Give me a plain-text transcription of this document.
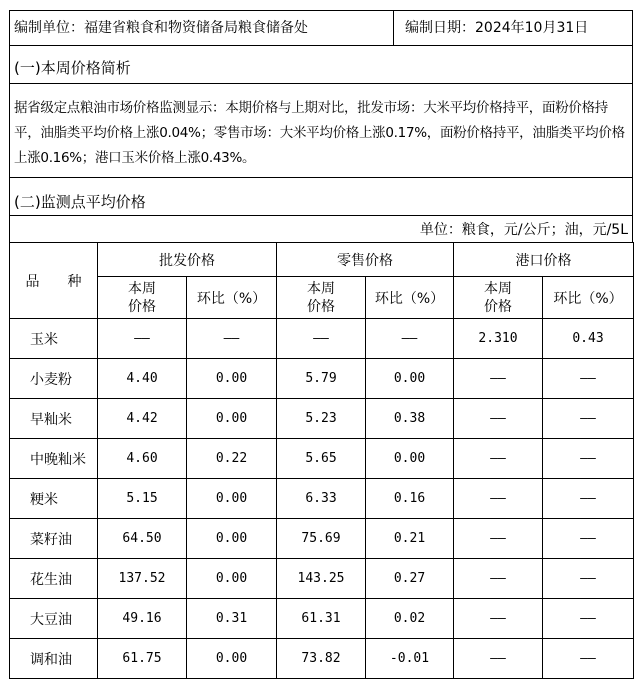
编制单位：福建省粮食和物资储备局粮食储备处	编制日期：2024年10月31日
(一)本周价格简析
据省级定点粮油市场价格监测显示：本期价格与上期对比，批发市场：大米平均价格持平，面粉价格持平，油脂类平均价格上涨0.04%；零售市场：大米平均价格上涨0.17%，面粉价格持平，油脂类平均价格上涨0.16%；港口玉米价格上涨0.43%。
(二)监测点平均价格
单位：粮食，元/公斤；油，元/5L
品　　种	批发价格		零售价格		港口价格	

	本周价格	环比（%）	本周价格	环比（%）	本周价格	环比（%）
玉米	——	——	——	——	2.310	0.43
小麦粉	4.40	0.00	5.79	0.00	——	——
早籼米	4.42	0.00	5.23	0.38	——	——
中晚籼米	4.60	0.22	5.65	0.00	——	——
粳米	5.15	0.00	6.33	0.16	——	——
菜籽油	64.50	0.00	75.69	0.21	——	——
花生油	137.52	0.00	143.25	0.27	——	——
大豆油	49.16	0.31	61.31	0.02	——	——
调和油	61.75	0.00	73.82	-0.01	——	——
